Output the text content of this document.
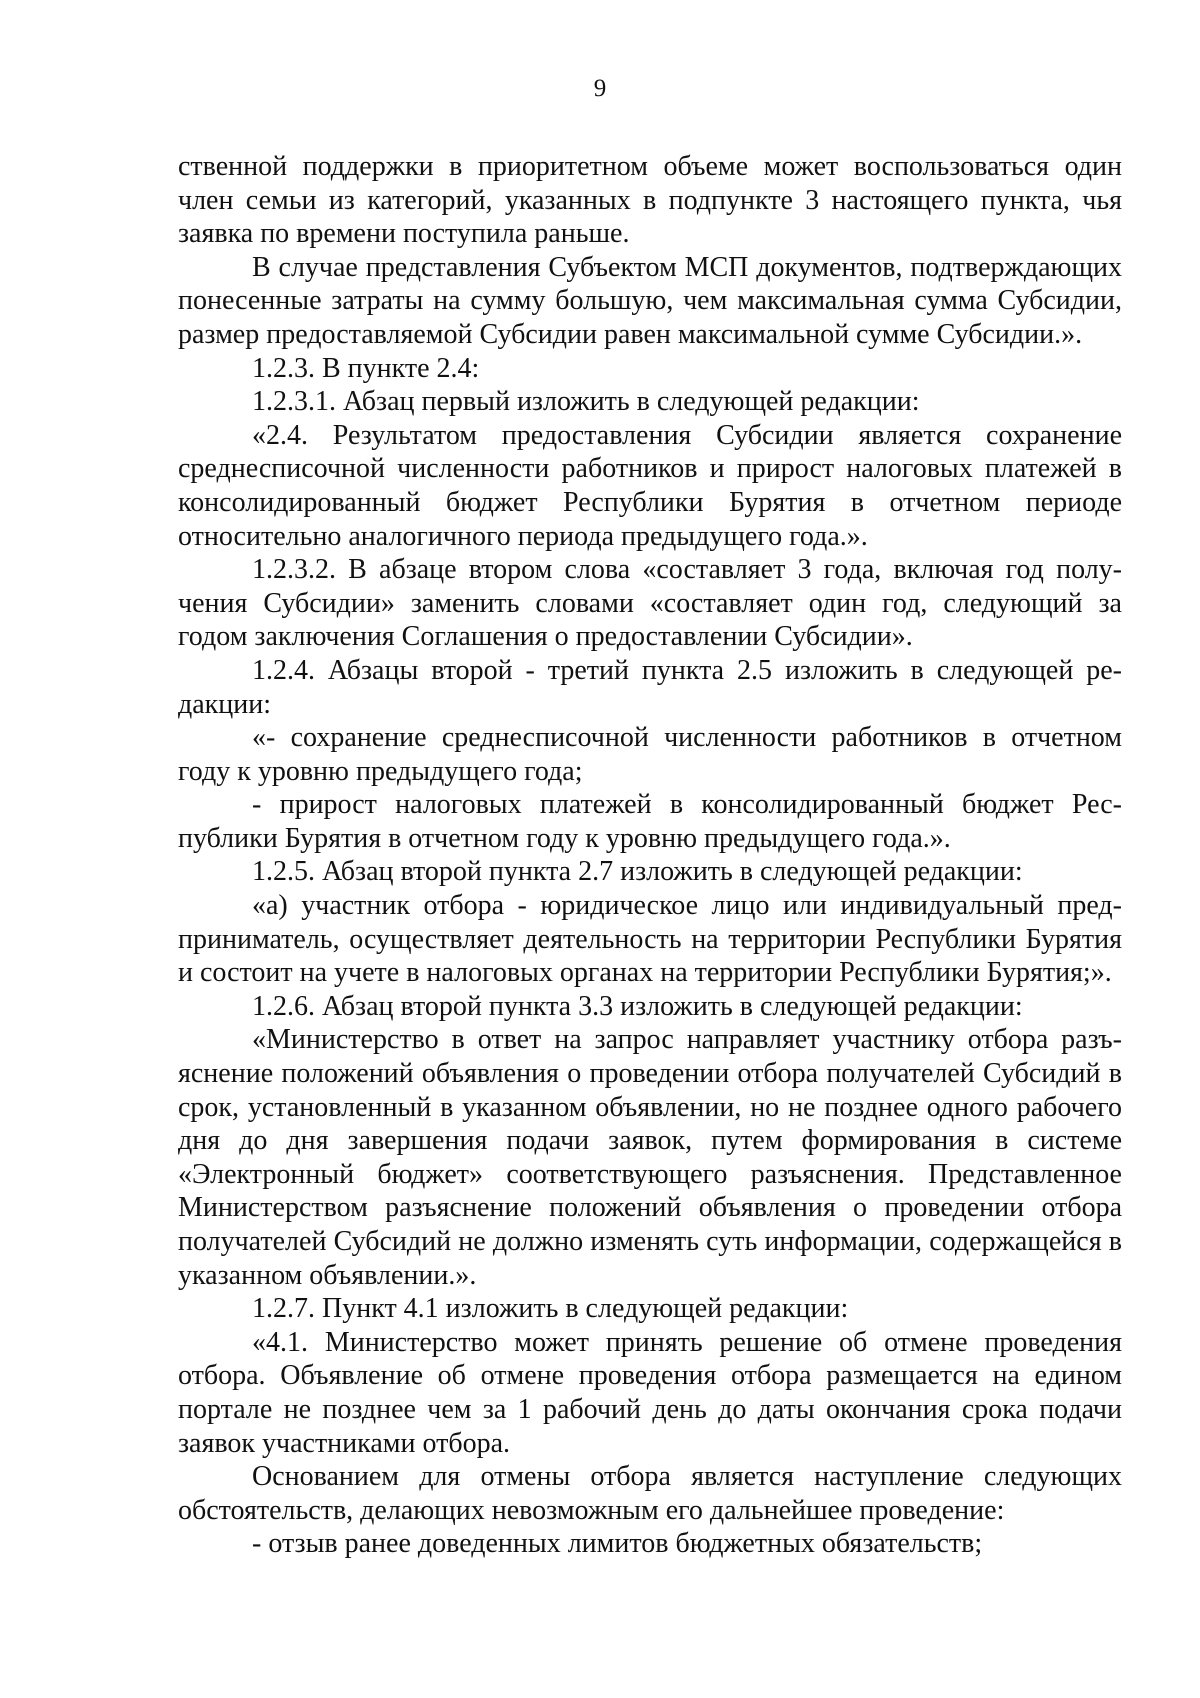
9

ственной поддержки в приоритетном объеме может воспользоваться один член семьи из категорий, указанных в подпункте 3 настоящего пункта, чья заявка по времени поступила раньше.

В случае представления Субъектом МСП документов, подтверждающих понесенные затраты на сумму большую, чем максимальная сумма Субсидии, размер предоставляемой Субсидии равен максимальной сумме Субсидии.».

1.2.3. В пункте 2.4:

1.2.3.1. Абзац первый изложить в следующей редакции:

«2.4. Результатом предоставления Субсидии является сохранение среднесписочной численности работников и прирост налоговых платежей в консолидированный бюджет Республики Бурятия в отчетном периоде относительно аналогичного периода предыдущего года.».

1.2.3.2. В абзаце втором слова «составляет 3 года, включая год получения Субсидии» заменить словами «составляет один год, следующий за годом заключения Соглашения о предоставлении Субсидии».

1.2.4. Абзацы второй - третий пункта 2.5 изложить в следующей редакции:

«- сохранение среднесписочной численности работников в отчетном году к уровню предыдущего года;

- прирост налоговых платежей в консолидированный бюджет Республики Бурятия в отчетном году к уровню предыдущего года.».

1.2.5. Абзац второй пункта 2.7 изложить в следующей редакции:

«а) участник отбора - юридическое лицо или индивидуальный предприниматель, осуществляет деятельность на территории Республики Бурятия и состоит на учете в налоговых органах на территории Республики Бурятия;».

1.2.6. Абзац второй пункта 3.3 изложить в следующей редакции:

«Министерство в ответ на запрос направляет участнику отбора разъяснение положений объявления о проведении отбора получателей Субсидий в срок, установленный в указанном объявлении, но не позднее одного рабочего дня до дня завершения подачи заявок, путем формирования в системе «Электронный бюджет» соответствующего разъяснения. Представленное Министерством разъяснение положений объявления о проведении отбора получателей Субсидий не должно изменять суть информации, содержащейся в указанном объявлении.».

1.2.7. Пункт 4.1 изложить в следующей редакции:

«4.1. Министерство может принять решение об отмене проведения отбора. Объявление об отмене проведения отбора размещается на едином портале не позднее чем за 1 рабочий день до даты окончания срока подачи заявок участниками отбора.

Основанием для отмены отбора является наступление следующих обстоятельств, делающих невозможным его дальнейшее проведение:

- отзыв ранее доведенных лимитов бюджетных обязательств;
